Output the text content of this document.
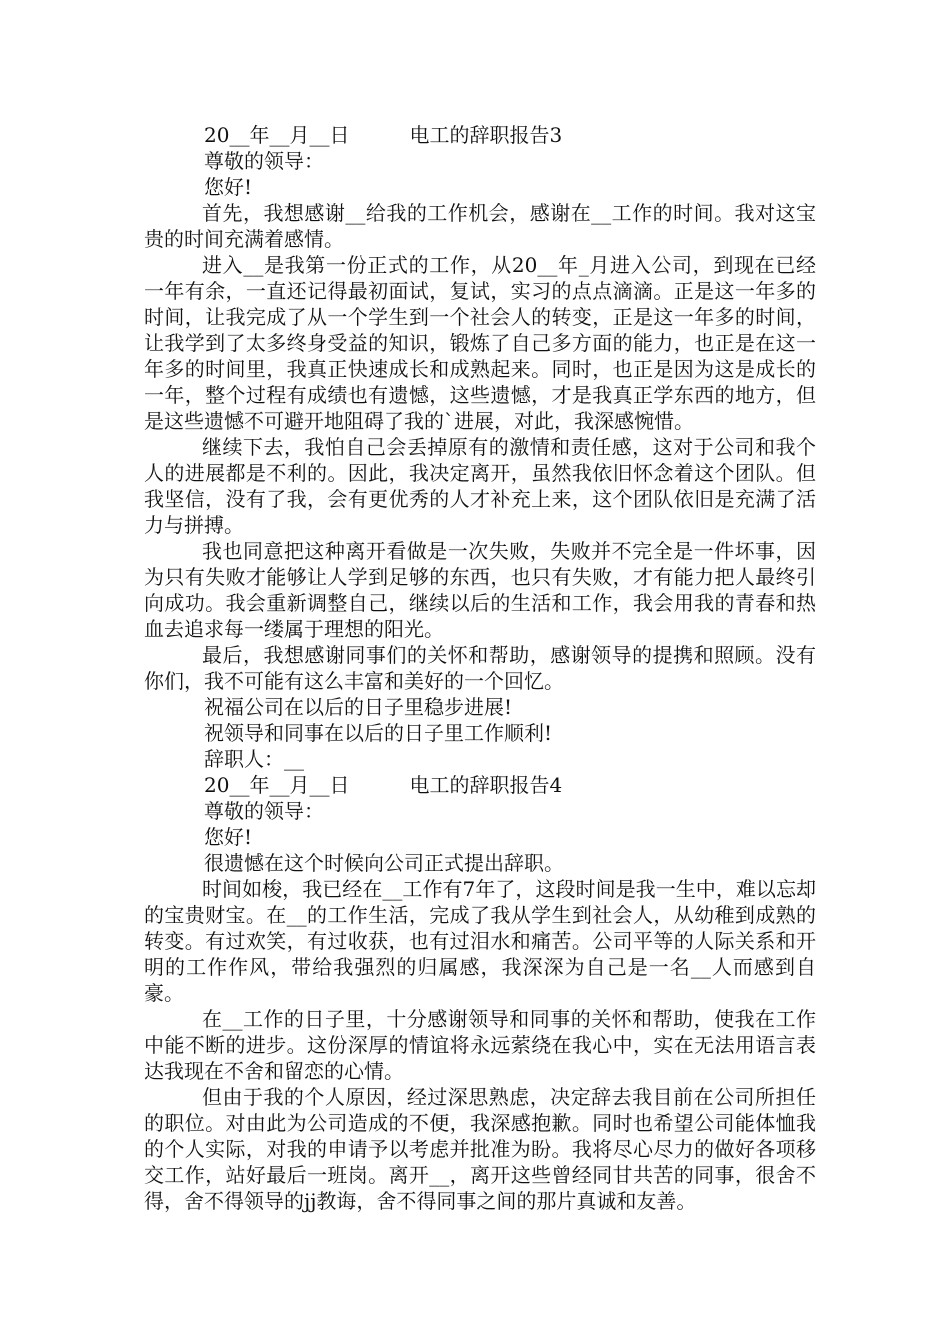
　　　20__年__月__日　　　电工的辞职报告3

　　　尊敬的领导：

　　　您好!

首先，我想感谢__给我的工作机会，感谢在__工作的时间。我对这宝贵的时间充满着感情。

进入__是我第一份正式的工作，从20__年_月进入公司，到现在已经一年有余，一直还记得最初面试，复试，实习的点点滴滴。正是这一年多的时间，让我完成了从一个学生到一个社会人的转变，正是这一年多的时间，让我学到了太多终身受益的知识，锻炼了自己多方面的能力，也正是在这一年多的时间里，我真正快速成长和成熟起来。同时，也正是因为这是成长的一年，整个过程有成绩也有遗憾，这些遗憾，才是我真正学东西的地方，但是这些遗憾不可避开地阻碍了我的`进展，对此，我深感惋惜。

继续下去，我怕自己会丢掉原有的激情和责任感，这对于公司和我个人的进展都是不利的。因此，我决定离开，虽然我依旧怀念着这个团队。但我坚信，没有了我，会有更优秀的人才补充上来，这个团队依旧是充满了活力与拼搏。

我也同意把这种离开看做是一次失败，失败并不完全是一件坏事，因为只有失败才能够让人学到足够的东西，也只有失败，才有能力把人最终引向成功。我会重新调整自己，继续以后的生活和工作，我会用我的青春和热血去追求每一缕属于理想的阳光。

最后，我想感谢同事们的关怀和帮助，感谢领导的提携和照顾。没有你们，我不可能有这么丰富和美好的一个回忆。

　　　祝福公司在以后的日子里稳步进展!

　　　祝领导和同事在以后的日子里工作顺利!

　　　辞职人：__

　　　20__年__月__日　　　电工的辞职报告4

　　　尊敬的领导：

　　　您好!

　　　很遗憾在这个时候向公司正式提出辞职。

时间如梭，我已经在__工作有7年了，这段时间是我一生中，难以忘却的宝贵财宝。在__的工作生活，完成了我从学生到社会人，从幼稚到成熟的转变。有过欢笑，有过收获，也有过泪水和痛苦。公司平等的人际关系和开明的工作作风，带给我强烈的归属感，我深深为自己是一名__人而感到自豪。

在__工作的日子里，十分感谢领导和同事的关怀和帮助，使我在工作中能不断的进步。这份深厚的情谊将永远萦绕在我心中，实在无法用语言表达我现在不舍和留恋的心情。

但由于我的个人原因，经过深思熟虑，决定辞去我目前在公司所担任的职位。对由此为公司造成的不便，我深感抱歉。同时也希望公司能体恤我的个人实际，对我的申请予以考虑并批准为盼。我将尽心尽力的做好各项移交工作，站好最后一班岗。离开__，离开这些曾经同甘共苦的同事，很舍不得，舍不得领导的jj教诲，舍不得同事之间的那片真诚和友善。
